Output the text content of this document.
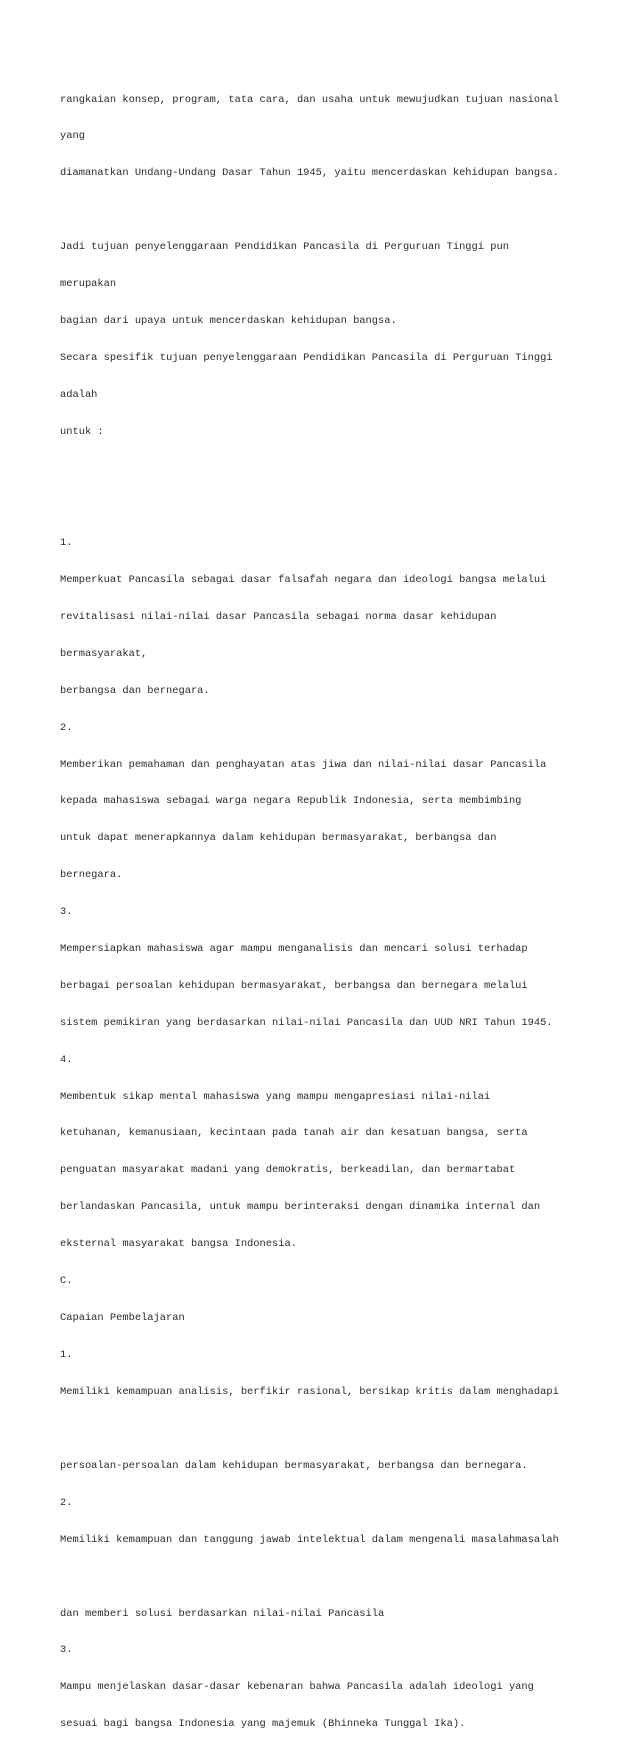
rangkaian konsep, program, tata cara, dan usaha untuk mewujudkan tujuan nasional

yang

diamanatkan Undang-Undang Dasar Tahun 1945, yaitu mencerdaskan kehidupan bangsa.

Jadi tujuan penyelenggaraan Pendidikan Pancasila di Perguruan Tinggi pun

merupakan

bagian dari upaya untuk mencerdaskan kehidupan bangsa.

Secara spesifik tujuan penyelenggaraan Pendidikan Pancasila di Perguruan Tinggi

adalah

untuk :

1.

Memperkuat Pancasila sebagai dasar falsafah negara dan ideologi bangsa melalui

revitalisasi nilai-nilai dasar Pancasila sebagai norma dasar kehidupan

bermasyarakat,

berbangsa dan bernegara.

2.

Memberikan pemahaman dan penghayatan atas jiwa dan nilai-nilai dasar Pancasila

kepada mahasiswa sebagai warga negara Republik Indonesia, serta membimbing

untuk dapat menerapkannya dalam kehidupan bermasyarakat, berbangsa dan

bernegara.

3.

Mempersiapkan mahasiswa agar mampu menganalisis dan mencari solusi terhadap

berbagai persoalan kehidupan bermasyarakat, berbangsa dan bernegara melalui

sistem pemikiran yang berdasarkan nilai-nilai Pancasila dan UUD NRI Tahun 1945.

4.

Membentuk sikap mental mahasiswa yang mampu mengapresiasi nilai-nilai

ketuhanan, kemanusiaan, kecintaan pada tanah air dan kesatuan bangsa, serta

penguatan masyarakat madani yang demokratis, berkeadilan, dan bermartabat

berlandaskan Pancasila, untuk mampu berinteraksi dengan dinamika internal dan

eksternal masyarakat bangsa Indonesia.

C.

Capaian Pembelajaran

1.

Memiliki kemampuan analisis, berfikir rasional, bersikap kritis dalam menghadapi

persoalan-persoalan dalam kehidupan bermasyarakat, berbangsa dan bernegara.

2.

Memiliki kemampuan dan tanggung jawab intelektual dalam mengenali masalahmasalah

dan memberi solusi berdasarkan nilai-nilai Pancasila

3.

Mampu menjelaskan dasar-dasar kebenaran bahwa Pancasila adalah ideologi yang

sesuai bagi bangsa Indonesia yang majemuk (Bhinneka Tunggal Ika).
